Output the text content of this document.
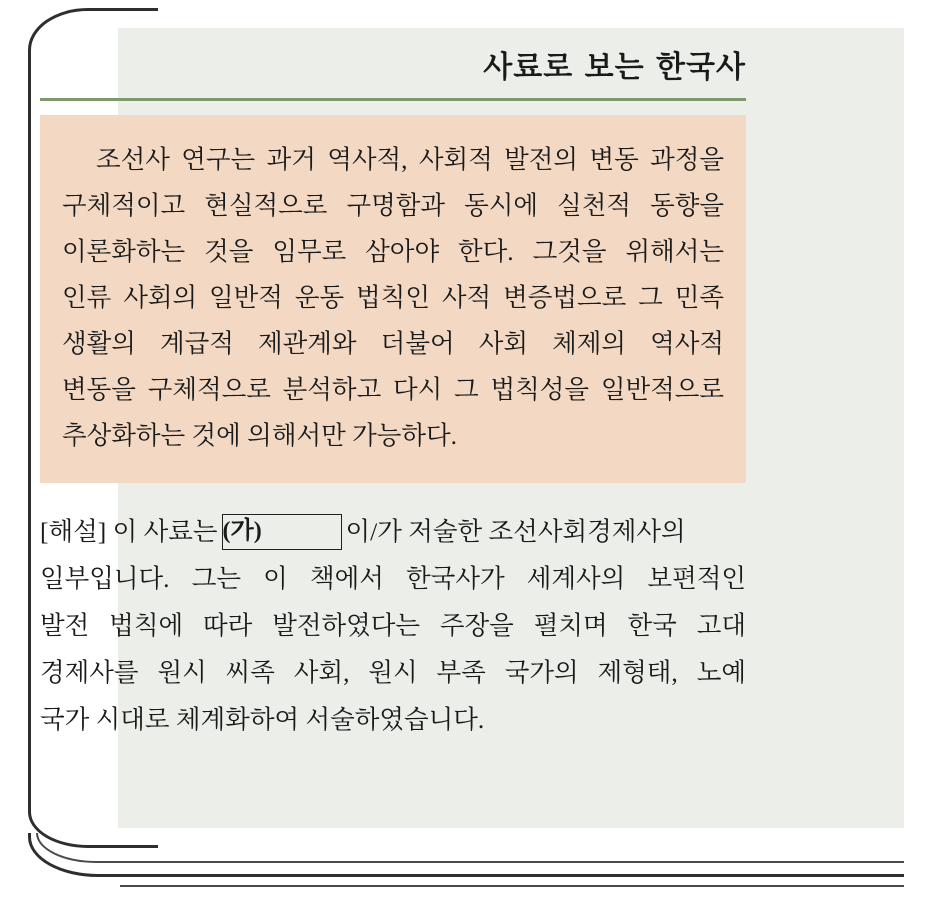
사료로 보는 한국사
조선사 연구는 과거 역사적, 사회적 발전의 변동 과정을
구체적이고 현실적으로 구명함과 동시에 실천적 동향을
이론화하는 것을 임무로 삼아야 한다. 그것을 위해서는
인류 사회의 일반적 운동 법칙인 사적 변증법으로 그 민족
생활의 계급적 제관계와 더불어 사회 체제의 역사적
변동을 구체적으로 분석하고 다시 그 법칙성을 일반적으로
추상화하는 것에 의해서만 가능하다.
[해설] 이 사료는 (가)	이/가 저술한 조선사회경제사의
일부입니다. 그는 이 책에서 한국사가 세계사의 보편적인
발전 법칙에 따라 발전하였다는 주장을 펼치며 한국 고대
경제사를 원시 씨족 사회, 원시 부족 국가의 제형태, 노예
국가 시대로 체계화하여 서술하였습니다.
